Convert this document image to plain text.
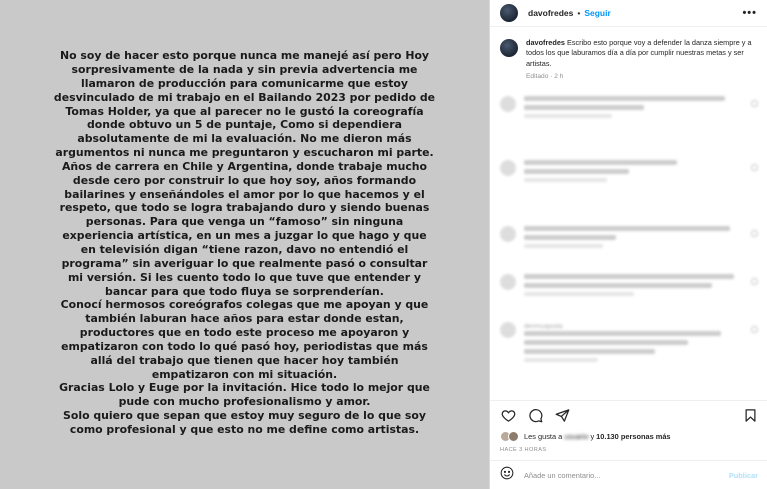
No soy de hacer esto porque nunca me manejé así pero Hoy

sorpresivamente de la nada y sin previa advertencia me

llamaron de producción para comunicarme que estoy

desvinculado de mi trabajo en el Bailando 2023 por pedido de

Tomas Holder, ya que al parecer no le gustó la coreografía

donde obtuvo un 5 de puntaje, Como si dependiera

absolutamente de mi la evaluación. No me dieron más

argumentos ni nunca me preguntaron y escucharon mi parte.

Años de carrera en Chile y Argentina, donde trabaje mucho

desde cero por construir lo que hoy soy, años formando

bailarines y enseñándoles el amor por lo que hacemos y el

respeto, que todo se logra trabajando duro y siendo buenas

personas. Para que venga un “famoso” sin ninguna

experiencia artística, en un mes a juzgar lo que hago y que

en televisión digan “tiene razon, davo no entendió el

programa” sin averiguar lo que realmente pasó o consultar

mi versión. Si les cuento todo lo que tuve que entender y

bancar para que todo fluya se sorprenderían.

Conocí hermosos coreógrafos colegas que me apoyan y que

también laburan hace años para estar donde estan,

productores que en todo este proceso me apoyaron y

empatizaron con todo lo qué pasó hoy, periodistas que más

allá del trabajo que tienen que hacer hoy también

empatizaron con mi situación.

Gracias Lolo y Euge por la invitación. Hice todo lo mejor que

pude con mucho profesionalismo y amor.

Solo quiero que sepan que estoy muy seguro de lo que soy

como profesional y que esto no me define como artistas.

davofredes • Seguir	•••
davofredes Escribo esto porque voy a defender la danza siempre y a todos los que laburamos día a día por cumplir nuestras metas y ser artistas.
Editado · 2 h
denmuapoda
Les gusta a usuario y 10.130 personas más
HACE 3 HORAS
Añade un comentario...
Publicar
